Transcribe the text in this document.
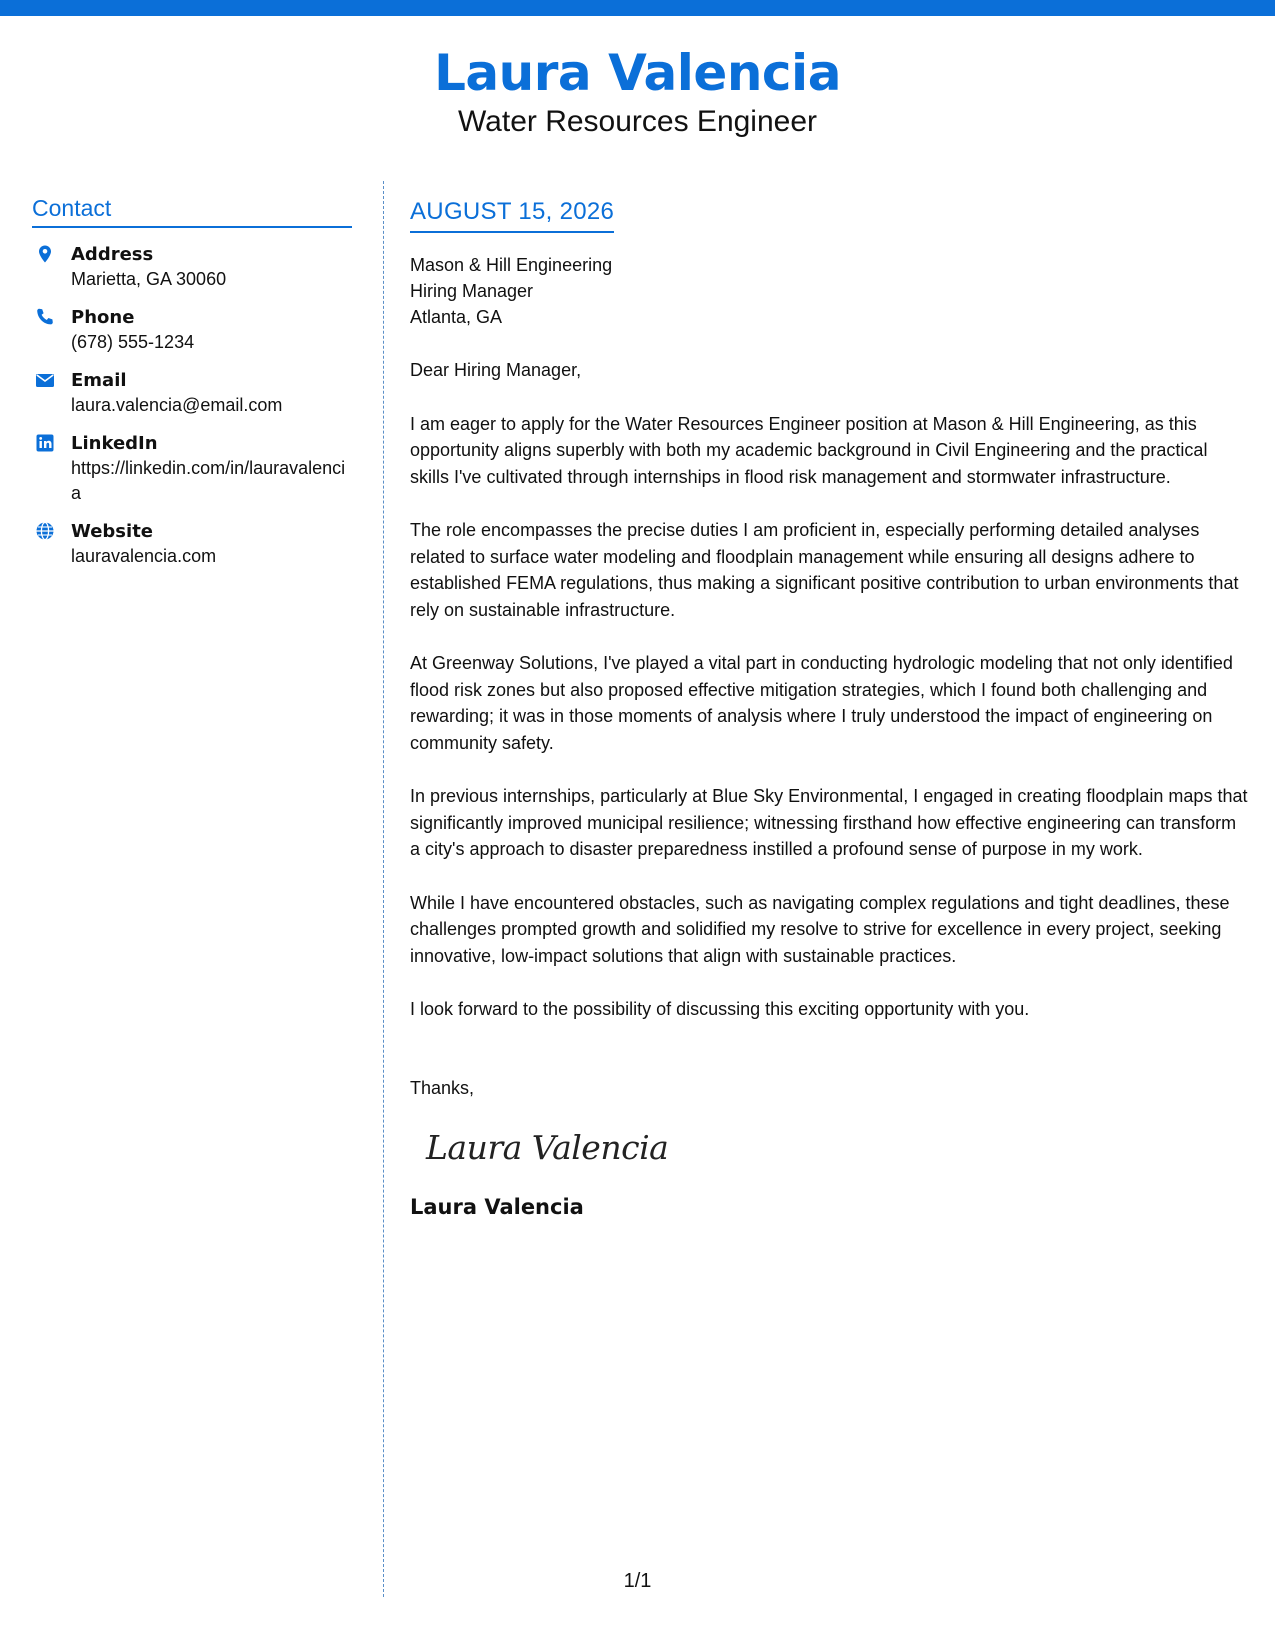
Laura Valencia
Water Resources Engineer
Contact
Address
Marietta, GA 30060
Phone
(678) 555-1234
Email
laura.valencia@email.com
LinkedIn
https://linkedin.com/in/lauravalencia
Website
lauravalencia.com
AUGUST 15, 2026
Mason & Hill Engineering
Hiring Manager
Atlanta, GA

Dear Hiring Manager,

I am eager to apply for the Water Resources Engineer position at Mason & Hill Engineering, as this opportunity aligns superbly with both my academic background in Civil Engineering and the practical skills I've cultivated through internships in flood risk management and stormwater infrastructure.

The role encompasses the precise duties I am proficient in, especially performing detailed analyses related to surface water modeling and floodplain management while ensuring all designs adhere to established FEMA regulations, thus making a significant positive contribution to urban environments that rely on sustainable infrastructure.

At Greenway Solutions, I've played a vital part in conducting hydrologic modeling that not only identified flood risk zones but also proposed effective mitigation strategies, which I found both challenging and rewarding; it was in those moments of analysis where I truly understood the impact of engineering on community safety.

In previous internships, particularly at Blue Sky Environmental, I engaged in creating floodplain maps that significantly improved municipal resilience; witnessing firsthand how effective engineering can transform a city's approach to disaster preparedness instilled a profound sense of purpose in my work.

While I have encountered obstacles, such as navigating complex regulations and tight deadlines, these challenges prompted growth and solidified my resolve to strive for excellence in every project, seeking innovative, low-impact solutions that align with sustainable practices.

I look forward to the possibility of discussing this exciting opportunity with you.

Thanks,
Laura Valencia
Laura Valencia
1/1
